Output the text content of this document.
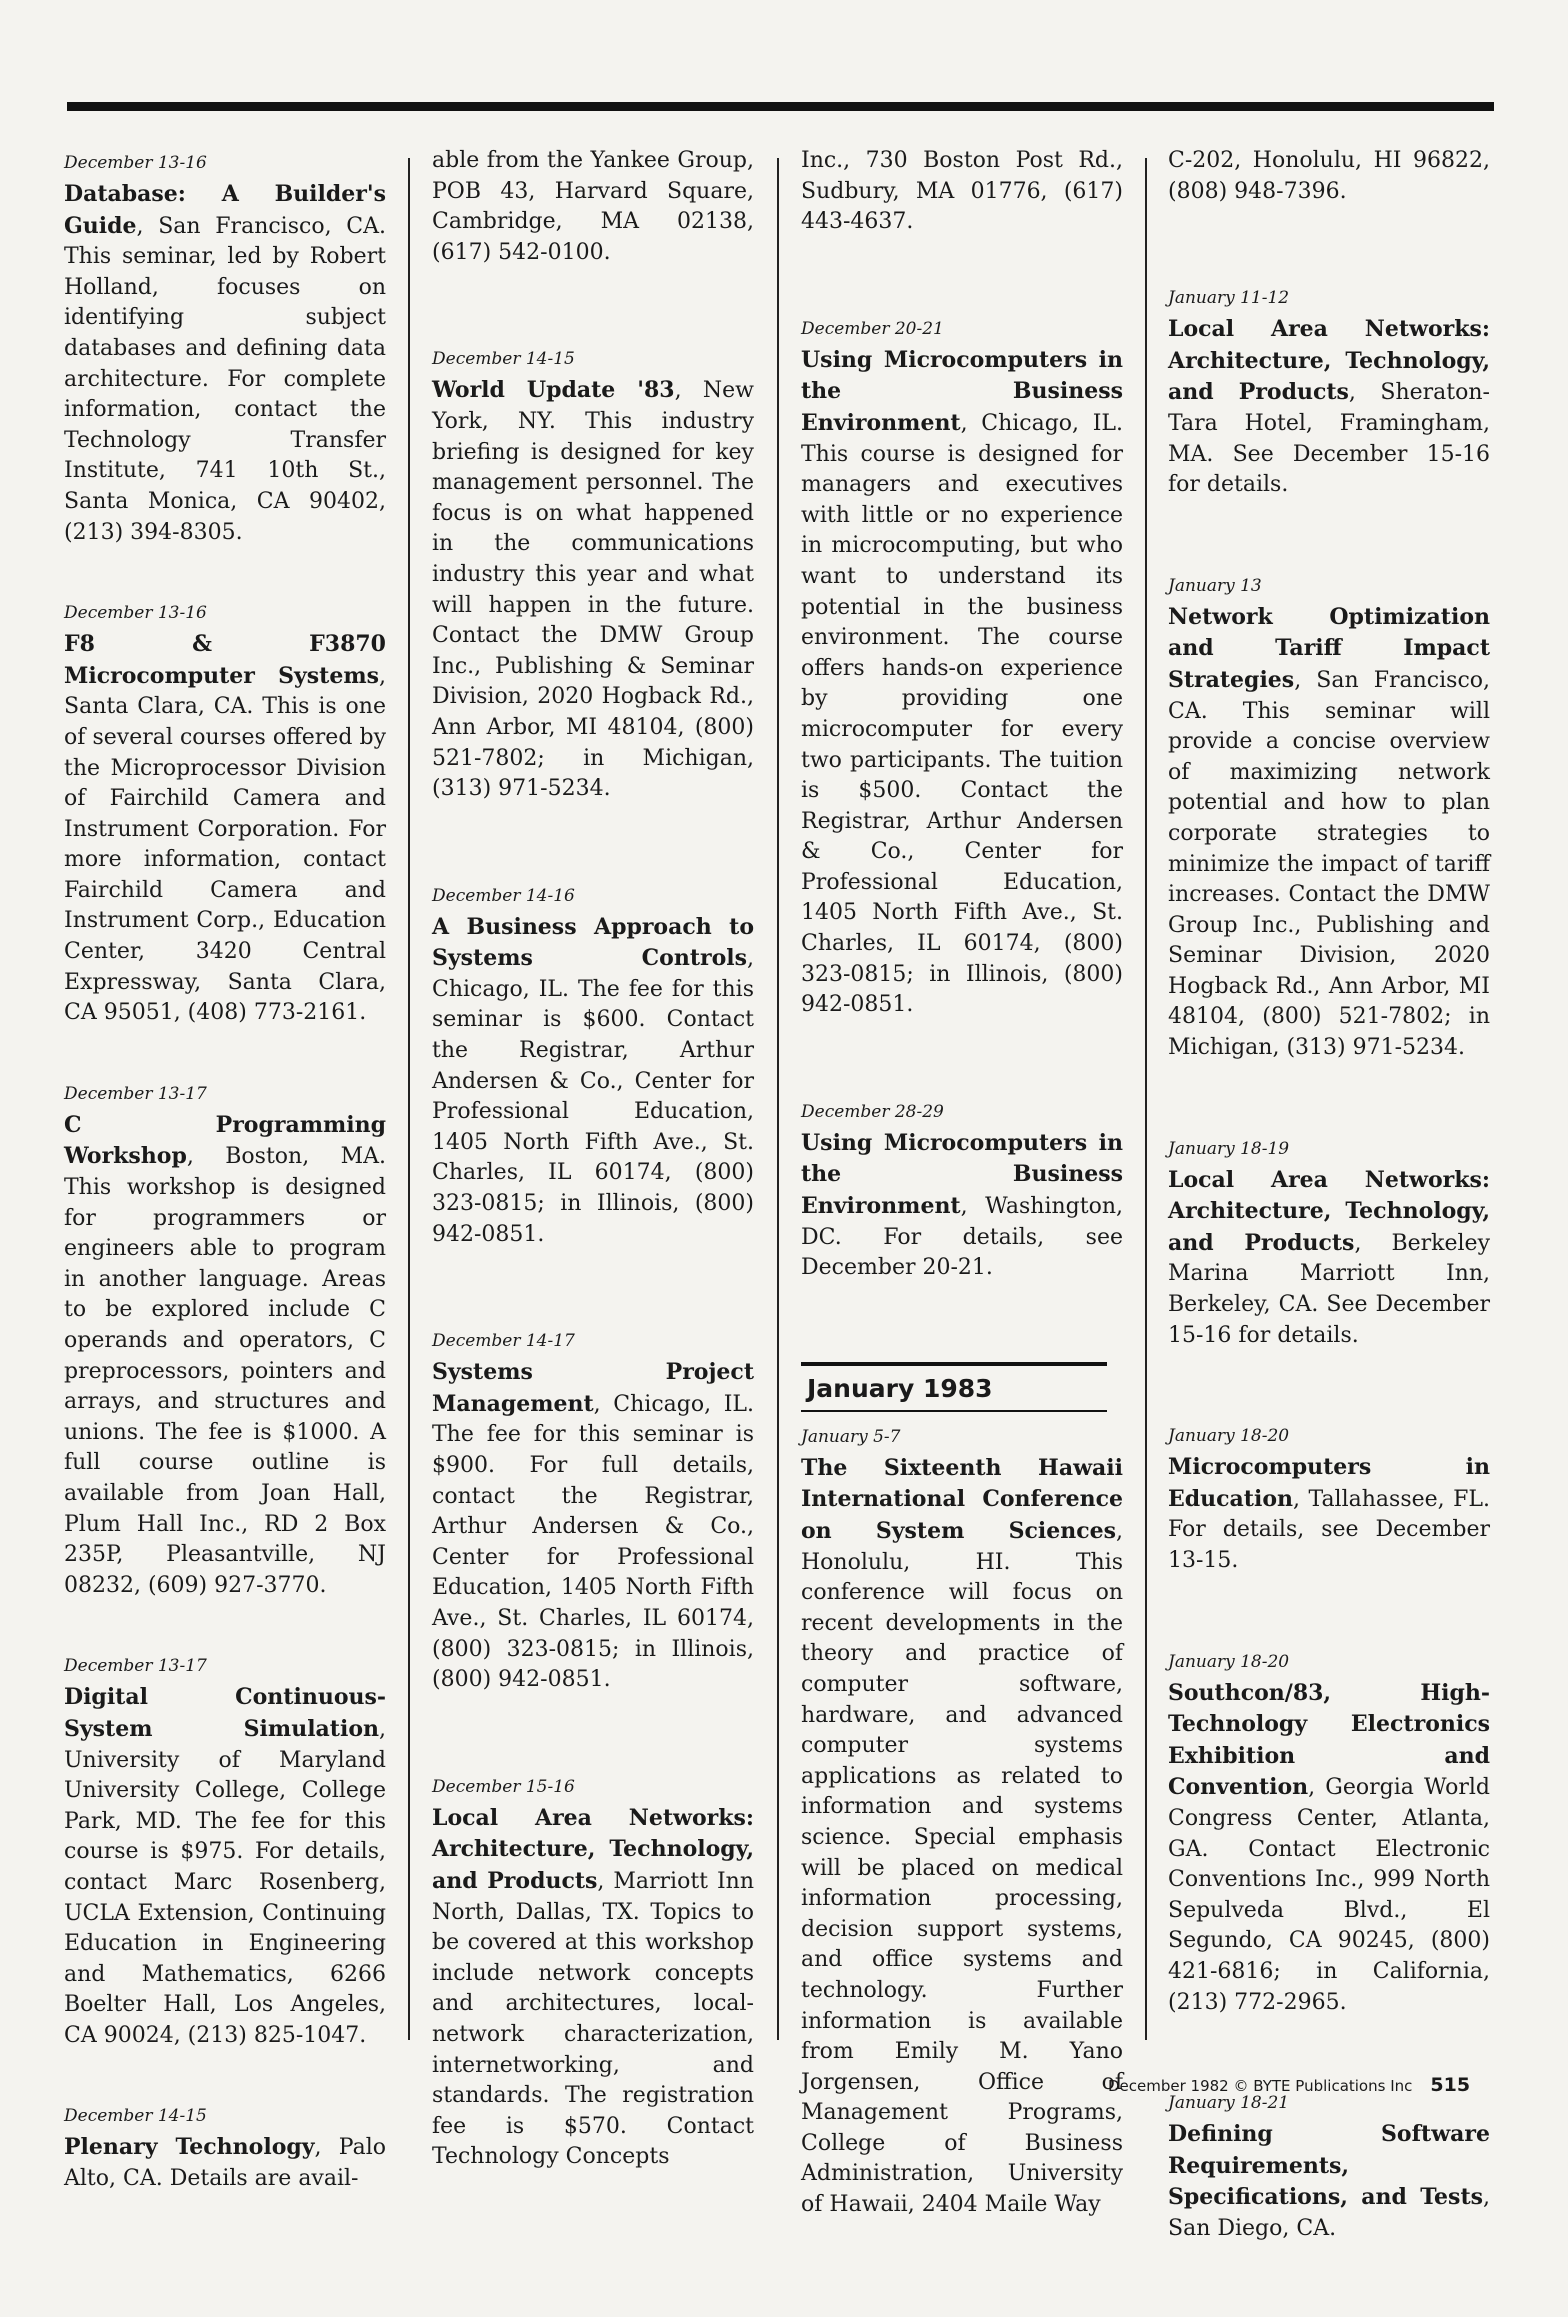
December 13-16

Database: A Builder's Guide, San Francisco, CA. This seminar, led by Robert Holland, focuses on identifying subject databases and defining data architecture. For complete information, contact the Technology Transfer Institute, 741 10th St., Santa Monica, CA 90402, (213) 394-8305.

December 13-16

F8 & F3870 Microcomputer Systems, Santa Clara, CA. This is one of several courses offered by the Microprocessor Division of Fairchild Camera and Instrument Corporation. For more information, contact Fairchild Camera and Instrument Corp., Education Center, 3420 Central Expressway, Santa Clara, CA 95051, (408) 773-2161.

December 13-17

C Programming Workshop, Boston, MA. This workshop is designed for programmers or engineers able to program in another language. Areas to be explored include C operands and operators, C preprocessors, pointers and arrays, and structures and unions. The fee is $1000. A full course outline is available from Joan Hall, Plum Hall Inc., RD 2 Box 235P, Pleasantville, NJ 08232, (609) 927-3770.

December 13-17

Digital Continuous-System Simulation, University of Maryland University College, College Park, MD. The fee for this course is $975. For details, contact Marc Rosenberg, UCLA Extension, Continuing Education in Engineering and Mathematics, 6266 Boelter Hall, Los Angeles, CA 90024, (213) 825-1047.

December 14-15

Plenary Technology, Palo Alto, CA. Details are avail-

able from the Yankee Group, POB 43, Harvard Square, Cambridge, MA 02138, (617) 542-0100.

December 14-15

World Update '83, New York, NY. This industry briefing is designed for key management personnel. The focus is on what happened in the communications industry this year and what will happen in the future. Contact the DMW Group Inc., Publishing & Seminar Division, 2020 Hogback Rd., Ann Arbor, MI 48104, (800) 521-7802; in Michigan, (313) 971-5234.

December 14-16

A Business Approach to Systems Controls, Chicago, IL. The fee for this seminar is $600. Contact the Registrar, Arthur Andersen & Co., Center for Professional Education, 1405 North Fifth Ave., St. Charles, IL 60174, (800) 323-0815; in Illinois, (800) 942-0851.

December 14-17

Systems Project Management, Chicago, IL. The fee for this seminar is $900. For full details, contact the Registrar, Arthur Andersen & Co., Center for Professional Education, 1405 North Fifth Ave., St. Charles, IL 60174, (800) 323-0815; in Illinois, (800) 942-0851.

December 15-16

Local Area Networks: Architecture, Technology, and Products, Marriott Inn North, Dallas, TX. Topics to be covered at this workshop include network concepts and architectures, local-network characterization, internetworking, and standards. The registration fee is $570. Contact Technology Concepts

Inc., 730 Boston Post Rd., Sudbury, MA 01776, (617) 443-4637.

December 20-21

Using Microcomputers in the Business Environment, Chicago, IL. This course is designed for managers and executives with little or no experience in microcomputing, but who want to understand its potential in the business environment. The course offers hands-on experience by providing one microcomputer for every two participants. The tuition is $500. Contact the Registrar, Arthur Andersen & Co., Center for Professional Education, 1405 North Fifth Ave., St. Charles, IL 60174, (800) 323-0815; in Illinois, (800) 942-0851.

December 28-29

Using Microcomputers in the Business Environment, Washington, DC. For details, see December 20-21.

January 1983
January 5-7

The Sixteenth Hawaii International Conference on System Sciences, Honolulu, HI. This conference will focus on recent developments in the theory and practice of computer software, hardware, and advanced computer systems applications as related to information and systems science. Special emphasis will be placed on medical information processing, decision support systems, and office systems and technology. Further information is available from Emily M. Yano Jorgensen, Office of Management Programs, College of Business Administration, University of Hawaii, 2404 Maile Way

C-202, Honolulu, HI 96822, (808) 948-7396.

January 11-12

Local Area Networks: Architecture, Technology, and Products, Sheraton-Tara Hotel, Framingham, MA. See December 15-16 for details.

January 13

Network Optimization and Tariff Impact Strategies, San Francisco, CA. This seminar will provide a concise overview of maximizing network potential and how to plan corporate strategies to minimize the impact of tariff increases. Contact the DMW Group Inc., Publishing and Seminar Division, 2020 Hogback Rd., Ann Arbor, MI 48104, (800) 521-7802; in Michigan, (313) 971-5234.

January 18-19

Local Area Networks: Architecture, Technology, and Products, Berkeley Marina Marriott Inn, Berkeley, CA. See December 15-16 for details.

January 18-20

Microcomputers in Education, Tallahassee, FL. For details, see December 13-15.

January 18-20

Southcon/83, High-Technology Electronics Exhibition and Convention, Georgia World Congress Center, Atlanta, GA. Contact Electronic Conventions Inc., 999 North Sepulveda Blvd., El Segundo, CA 90245, (800) 421-6816; in California, (213) 772-2965.

January 18-21

Defining Software Requirements, Specifications, and Tests, San Diego, CA.

December 1982 © BYTE Publications Inc 515
